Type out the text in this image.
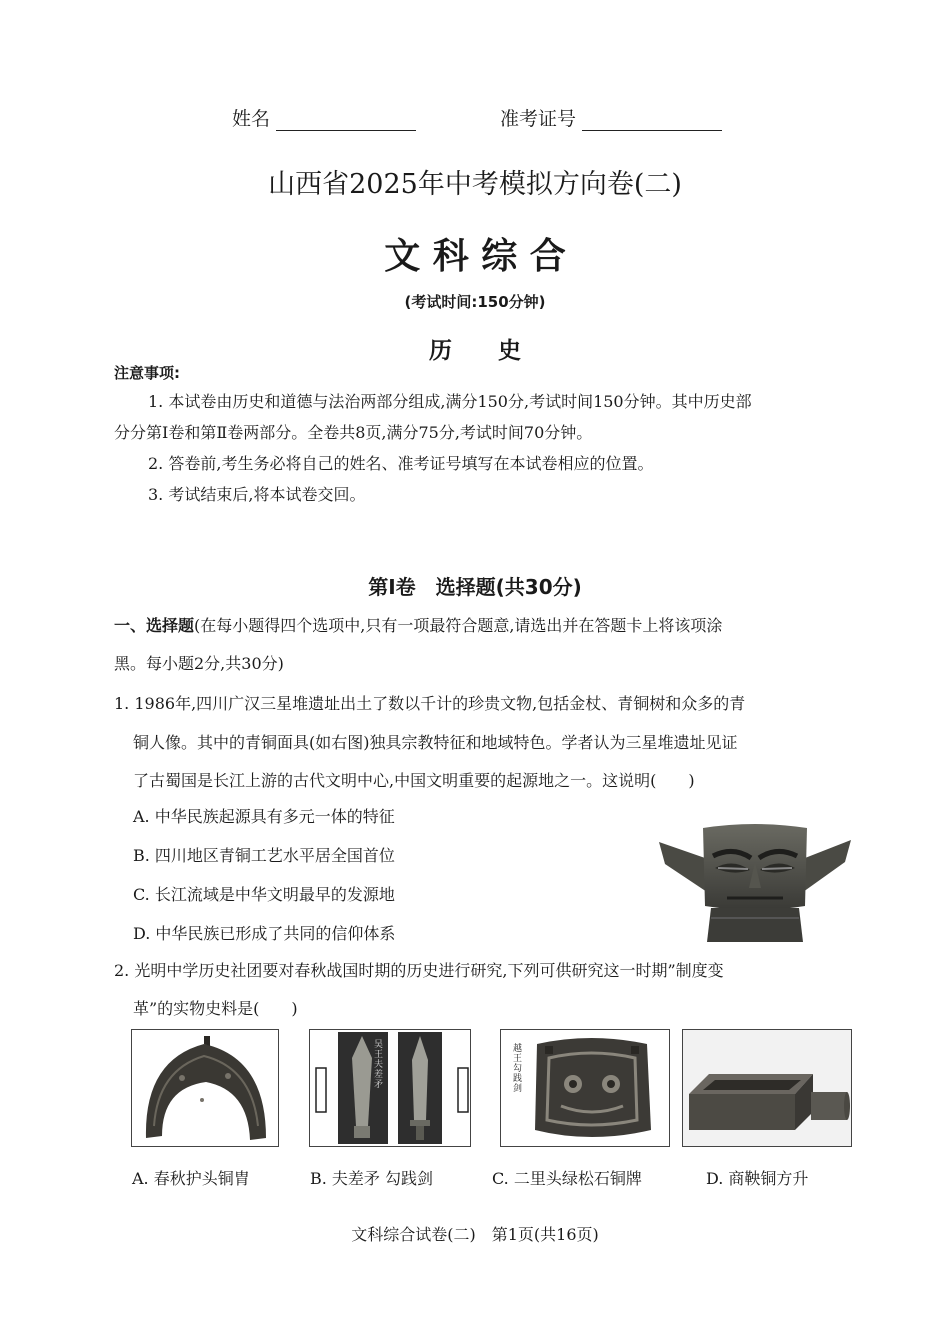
姓名	准考证号
山西省2025年中考模拟方向卷(二)
文 科 综 合
(考试时间:150分钟)
历　　史
注意事项:
1. 本试卷由历史和道德与法治两部分组成,满分150分,考试时间150分钟。其中历史部
分分第Ⅰ卷和第Ⅱ卷两部分。全卷共8页,满分75分,考试时间70分钟。
2. 答卷前,考生务必将自己的姓名、准考证号填写在本试卷相应的位置。
3. 考试结束后,将本试卷交回。
第Ⅰ卷　选择题(共30分)
一、选择题(在每小题得四个选项中,只有一项最符合题意,请选出并在答题卡上将该项涂
黑。每小题2分,共30分)
1. 1986年,四川广汉三星堆遗址出土了数以千计的珍贵文物,包括金杖、青铜树和众多的青
铜人像。其中的青铜面具(如右图)独具宗教特征和地域特色。学者认为三星堆遗址见证
了古蜀国是长江上游的古代文明中心,中国文明重要的起源地之一。这说明(　　)
A. 中华民族起源具有多元一体的特征
B. 四川地区青铜工艺水平居全国首位
C. 长江流域是中华文明最早的发源地
D. 中华民族已形成了共同的信仰体系
2. 光明中学历史社团要对春秋战国时期的历史进行研究,下列可供研究这一时期”制度变
革”的实物史料是(　　)
吴王夫差矛
越王勾践剑
A. 春秋护头铜胄	B. 夫差矛 勾践剑	C. 二里头绿松石铜牌	D. 商鞅铜方升
文科综合试卷(二)　第1页(共16页)
